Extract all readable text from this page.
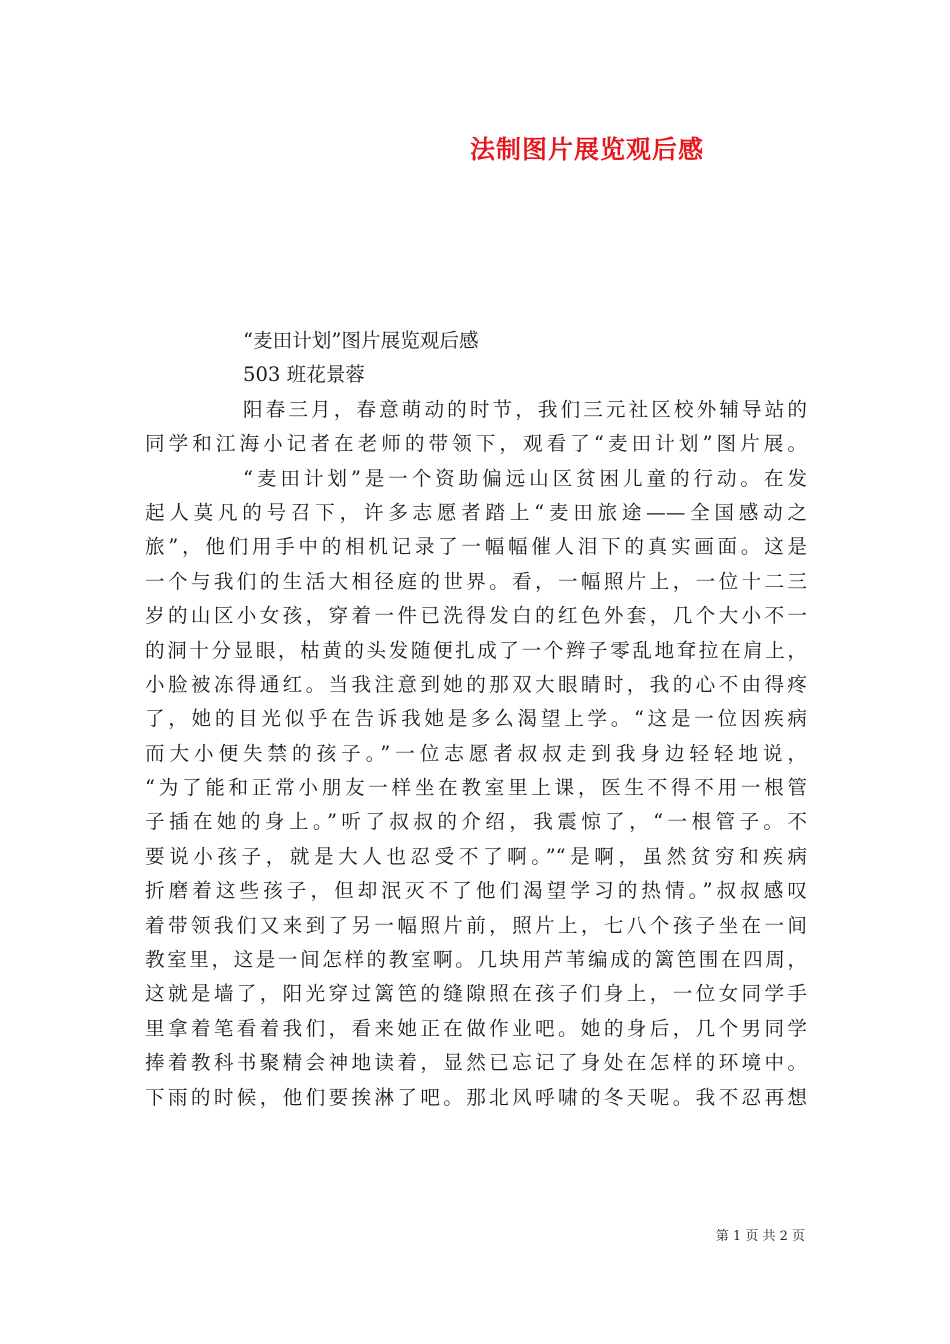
法制图片展览观后感
“麦田计划”图片展览观后感
503 班花景蓉
阳春三月，春意萌动的时节，我们三元社区校外辅导站的
同学和江海小记者在老师的带领下，观看了“麦田计划”图片展。
“麦田计划”是一个资助偏远山区贫困儿童的行动。在发
起人莫凡的号召下，许多志愿者踏上“麦田旅途——全国感动之
旅”，他们用手中的相机记录了一幅幅催人泪下的真实画面。这是
一个与我们的生活大相径庭的世界。看，一幅照片上，一位十二三
岁的山区小女孩，穿着一件已洗得发白的红色外套，几个大小不一
的洞十分显眼，枯黄的头发随便扎成了一个辫子零乱地耷拉在肩上，
小脸被冻得通红。当我注意到她的那双大眼睛时，我的心不由得疼
了，她的目光似乎在告诉我她是多么渴望上学。“这是一位因疾病
而大小便失禁的孩子。”一位志愿者叔叔走到我身边轻轻地说，
“为了能和正常小朋友一样坐在教室里上课，医生不得不用一根管
子插在她的身上。”听了叔叔的介绍，我震惊了，“一根管子。不
要说小孩子，就是大人也忍受不了啊。”“是啊，虽然贫穷和疾病
折磨着这些孩子，但却泯灭不了他们渴望学习的热情。”叔叔感叹
着带领我们又来到了另一幅照片前，照片上，七八个孩子坐在一间
教室里，这是一间怎样的教室啊。几块用芦苇编成的篱笆围在四周，
这就是墙了，阳光穿过篱笆的缝隙照在孩子们身上，一位女同学手
里拿着笔看着我们，看来她正在做作业吧。她的身后，几个男同学
捧着教科书聚精会神地读着，显然已忘记了身处在怎样的环境中。
下雨的时候，他们要挨淋了吧。那北风呼啸的冬天呢。我不忍再想
第 1 页 共 2 页
